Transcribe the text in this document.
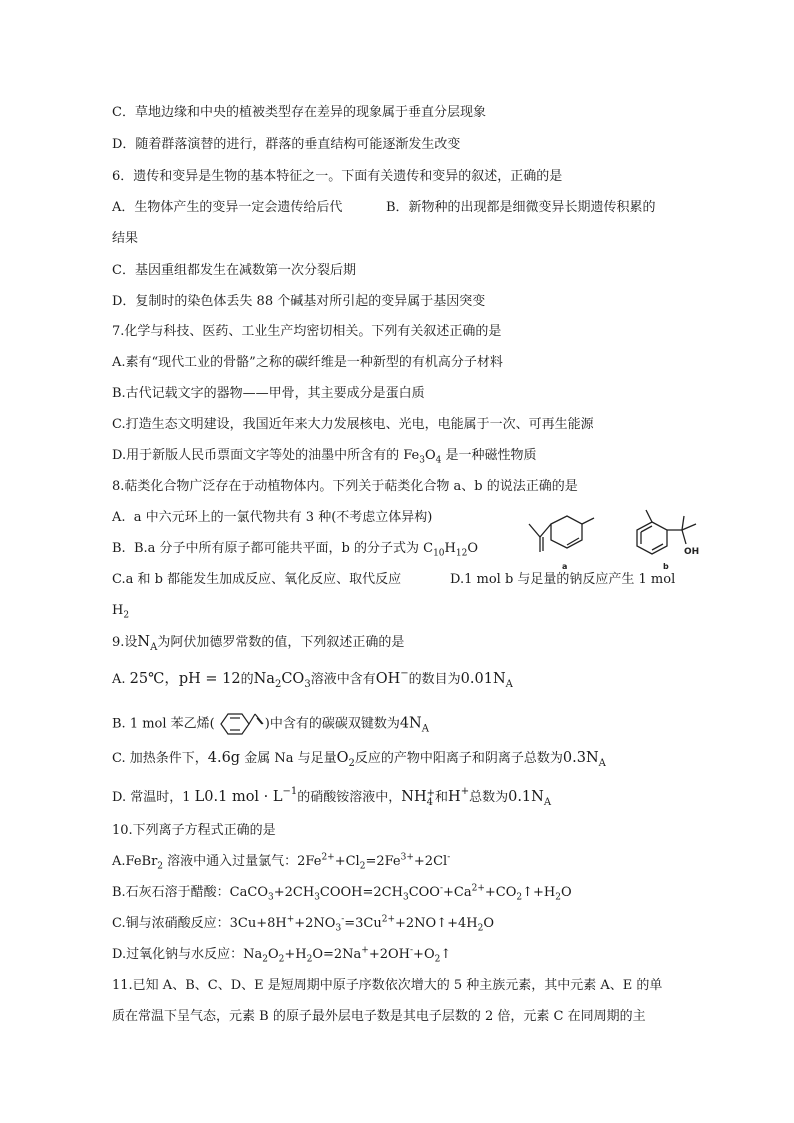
C．草地边缘和中央的植被类型存在差异的现象属于垂直分层现象
D．随着群落演替的进行，群落的垂直结构可能逐渐发生改变
6．遗传和变异是生物的基本特征之一。下面有关遗传和变异的叙述，正确的是
A．生物体产生的变异一定会遗传给后代	B．新物种的出现都是细微变异长期遗传积累的
结果
C．基因重组都发生在减数第一次分裂后期
D．复制时的染色体丢失 88 个碱基对所引起的变异属于基因突变
7.化学与科技、医药、工业生产均密切相关。下列有关叙述正确的是
A.素有“现代工业的骨骼”之称的碳纤维是一种新型的有机高分子材料
B.古代记载文字的器物——甲骨，其主要成分是蛋白质
C.打造生态文明建设，我国近年来大力发展核电、光电，电能属于一次、可再生能源
D.用于新版人民币票面文字等处的油墨中所含有的 $Fe_3O_4$ 是一种磁性物质
8.萜类化合物广泛存在于动植物体内。下列关于萜类化合物 a、b 的说法正确的是
A. a 中六元环上的一氯代物共有 3 种(不考虑立体异构)
B. B.a 分子中所有原子都可能共平面，b 的分子式为 $C_{10}H_{12}O$	OH
a	b
C.a 和 b 都能发生加成反应、氧化反应、取代反应	D.1 mol b 与足量的钠反应产生 1 mol
$H_2$
9.设$N_A$为阿伏加德罗常数的值，下列叙述正确的是
A. 25℃，pH = 12的$Na_2CO_3$溶液中含有OH−的数目为$0.01N_A$
B. 1 mol 苯乙烯(	)中含有的碳碳双键数为$4N_A$
C. 加热条件下，4.6g 金属 Na 与足量$O_2$反应的产物中阳离子和阴离子总数为$0.3N_A$
D. 常温时，1 L0.1 mol · $L^{-1}$的硝酸铵溶液中，NH +
4 和H+总数为$0.1N_A$
10.下列离子方程式正确的是
A.FeBr$_2$ 溶液中通入过量氯气：$2Fe^{2+}+Cl_2=2Fe^{3+}+2Cl^-$
B.石灰石溶于醋酸：$CaCO_3+2CH_3COOH=2CH_3COO^-+Ca^{2+}+CO_2↑+H_2O$
C.铜与浓硝酸反应：$3Cu+8H^++2NO_3^-=3Cu^{2+}+2NO↑+4H_2O$
D.过氧化钠与水反应：$Na_2O_2+H_2O=2Na^++2OH^-+O_2↑$
11.已知 A、B、C、D、E 是短周期中原子序数依次增大的 5 种主族元素，其中元素 A、E 的单
质在常温下呈气态，元素 B 的原子最外层电子数是其电子层数的 2 倍，元素 C 在同周期的主
